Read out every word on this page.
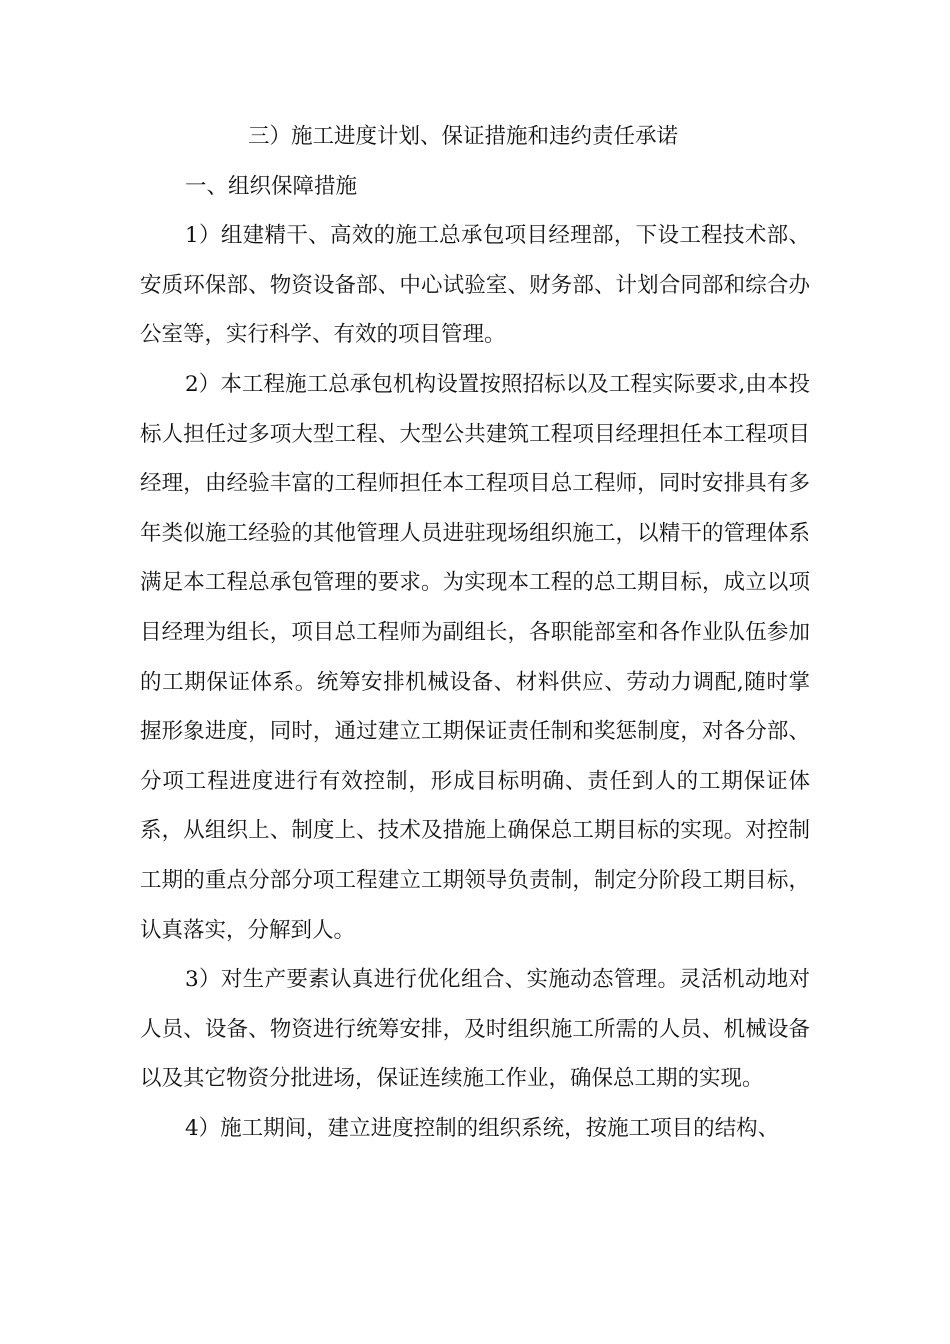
三）施工进度计划、保证措施和违约责任承诺
一、组织保障措施

1）组建精干、高效的施工总承包项目经理部，下设工程技术部、安质环保部、物资设备部、中心试验室、财务部、计划合同部和综合办公室等，实行科学、有效的项目管理。

2）本工程施工总承包机构设置按照招标以及工程实际要求,由本投标人担任过多项大型工程、大型公共建筑工程项目经理担任本工程项目经理，由经验丰富的工程师担任本工程项目总工程师，同时安排具有多年类似施工经验的其他管理人员进驻现场组织施工，以精干的管理体系满足本工程总承包管理的要求。为实现本工程的总工期目标，成立以项目经理为组长，项目总工程师为副组长，各职能部室和各作业队伍参加的工期保证体系。统筹安排机械设备、材料供应、劳动力调配,随时掌握形象进度，同时，通过建立工期保证责任制和奖惩制度，对各分部、分项工程进度进行有效控制，形成目标明确、责任到人的工期保证体系，从组织上、制度上、技术及措施上确保总工期目标的实现。对控制工期的重点分部分项工程建立工期领导负责制，制定分阶段工期目标，认真落实，分解到人。

3）对生产要素认真进行优化组合、实施动态管理。灵活机动地对人员、设备、物资进行统筹安排，及时组织施工所需的人员、机械设备以及其它物资分批进场，保证连续施工作业，确保总工期的实现。

4）施工期间，建立进度控制的组织系统，按施工项目的结构、
